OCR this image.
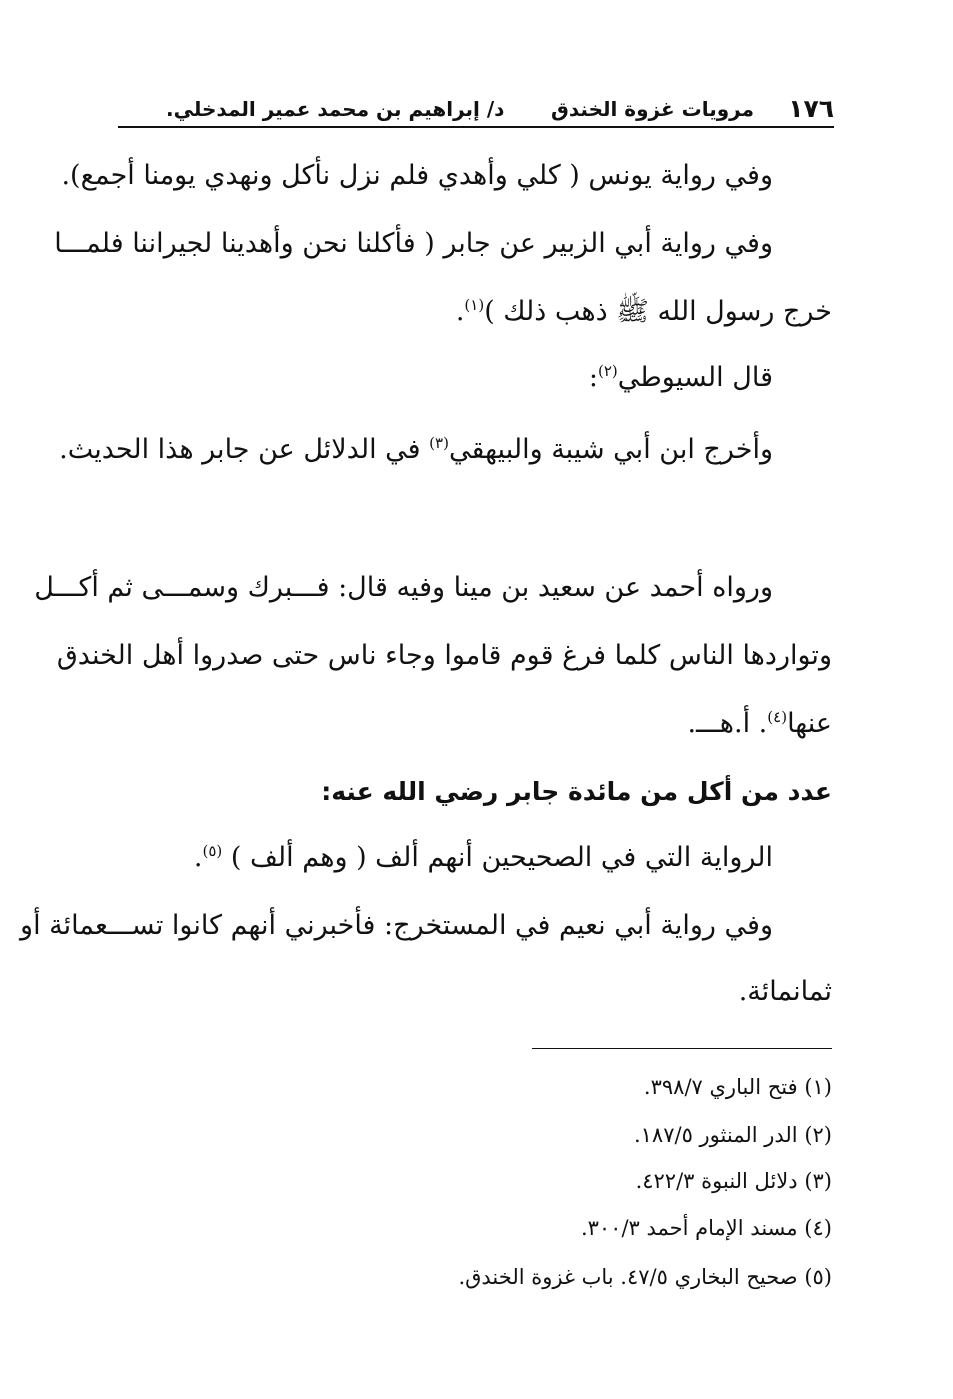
١٧٦
مرويات غزوة الخندق
د/ إبراهيم بن محمد عمير المدخلي.
وفي رواية يونس ( كلي وأهدي فلم نزل نأكل ونهدي يومنا أجمع).
وفي رواية أبي الزبير عن جابر ( فأكلنا نحن وأهدينا لجيراننا فلمـــا
خرج رسول الله ﷺ ذهب ذلك )$^{(١)}$.
قال السيوطي$^{(٢)}$:
وأخرج ابن أبي شيبة والبيهقي$^{(٣)}$ في الدلائل عن جابر هذا الحديث.
ورواه أحمد عن سعيد بن مينا وفيه قال: فـــبرك وسمـــى ثم أكـــل
وتواردها الناس كلما فرغ قوم قاموا وجاء ناس حتى صدروا أهل الخندق
عنها$^{(٤)}$. أ.هـــ.
عدد من أكل من مائدة جابر رضي الله عنه:
الرواية التي في الصحيحين أنهم ألف ( وهم ألف ) $^{(٥)}$.
وفي رواية أبي نعيم في المستخرج: فأخبرني أنهم كانوا تســـعمائة أو
ثمانمائة.
(١) فتح الباري ٣٩٨/٧.
(٢) الدر المنثور ١٨٧/٥.
(٣) دلائل النبوة ٤٢٢/٣.
(٤) مسند الإمام أحمد ٣٠٠/٣.
(٥) صحيح البخاري ٤٧/٥. باب غزوة الخندق.
